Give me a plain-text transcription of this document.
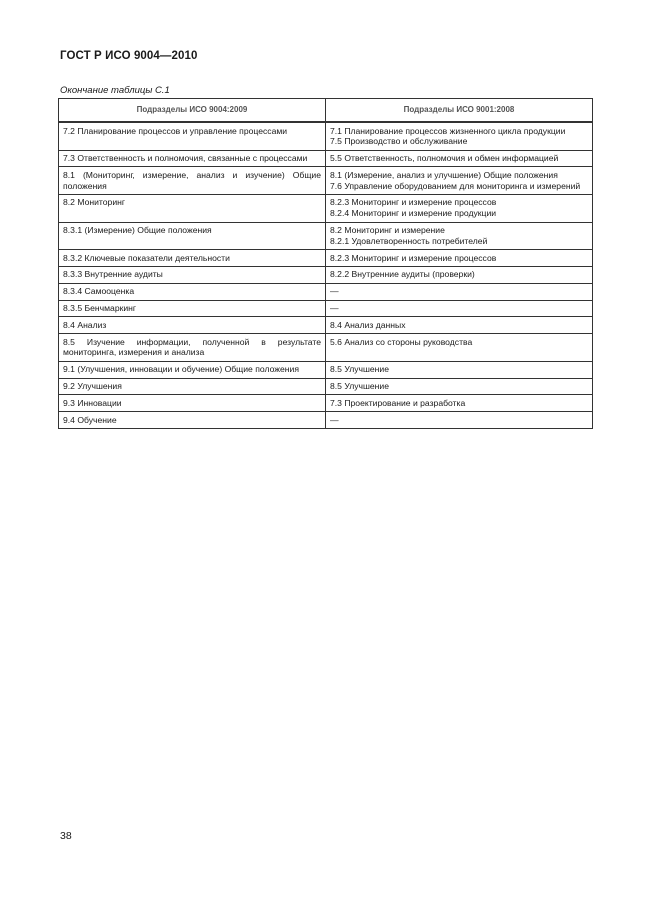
ГОСТ Р ИСО 9004—2010
Окончание таблицы С.1
Подразделы ИСО 9004:2009	Подразделы ИСО 9001:2008

7.2 Планирование процессов и управление процессами	7.1 Планирование процессов жизненного цикла продукции
7.5 Производство и обслуживание

7.3 Ответственность и полномочия, связанные с процессами	5.5 Ответственность, полномочия и обмен информацией

8.1 (Мониторинг, измерение, анализ и изучение) Общие положения	8.1 (Измерение, анализ и улучшение) Общие положения
7.6 Управление оборудованием для мониторинга и измерений

8.2 Мониторинг	8.2.3 Мониторинг и измерение процессов
8.2.4 Мониторинг и измерение продукции

8.3.1 (Измерение) Общие положения	8.2 Мониторинг и измерение
8.2.1 Удовлетворенность потребителей

8.3.2 Ключевые показатели деятельности	8.2.3 Мониторинг и измерение процессов

8.3.3 Внутренние аудиты	8.2.2 Внутренние аудиты (проверки)

8.3.4 Самооценка	—

8.3.5 Бенчмаркинг	—

8.4 Анализ	8.4 Анализ данных

8.5 Изучение информации, полученной в результате мониторинга, измерения и анализа	5.6 Анализ со стороны руководства

9.1 (Улучшения, инновации и обучение) Общие положения	8.5 Улучшение

9.2 Улучшения	8.5 Улучшение

9.3 Инновации	7.3 Проектирование и разработка

9.4 Обучение	—
38
